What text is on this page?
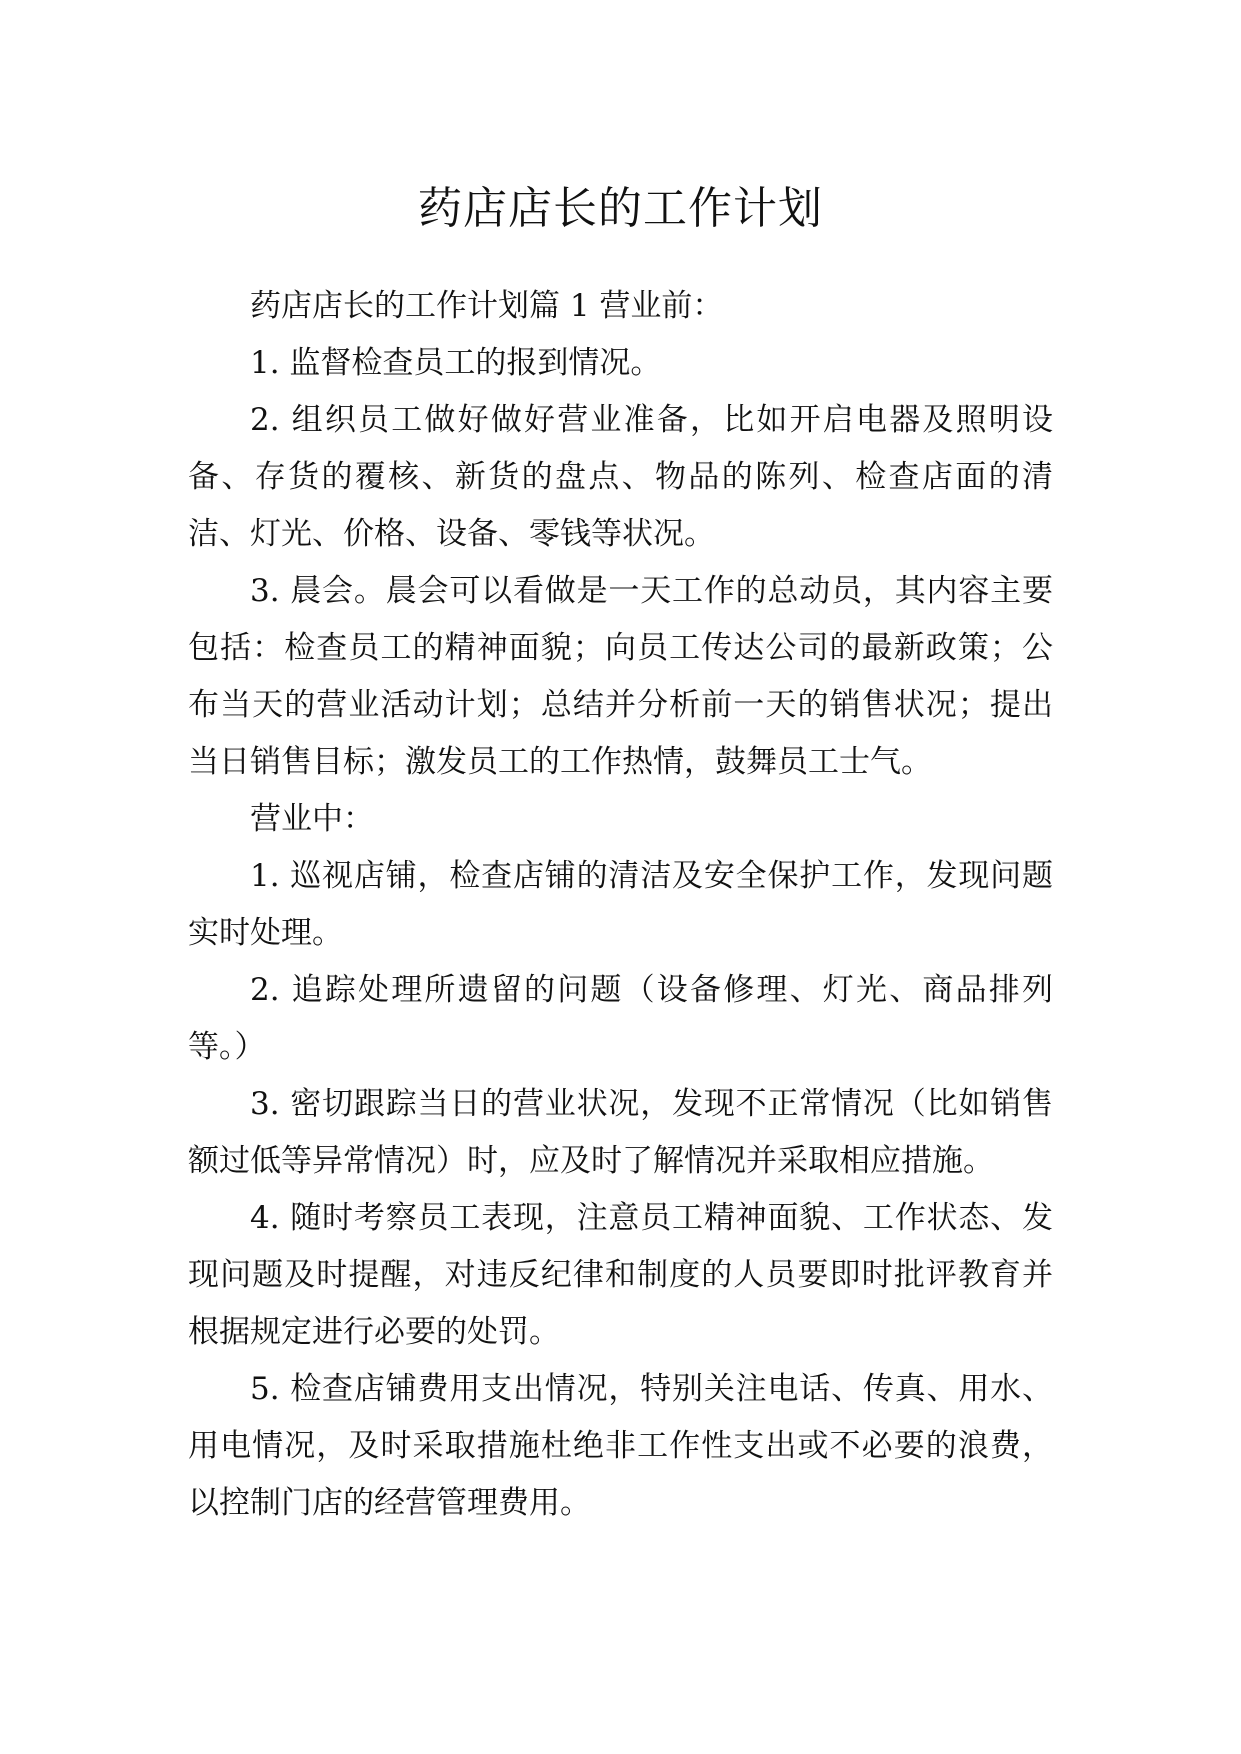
药店店长的工作计划

药店店长的工作计划篇 1 营业前：

1. 监督检查员工的报到情况。

2. 组织员工做好做好营业准备，比如开启电器及照明设备、存货的覆核、新货的盘点、物品的陈列、检查店面的清洁、灯光、价格、设备、零钱等状况。

3. 晨会。晨会可以看做是一天工作的总动员，其内容主要包括：检查员工的精神面貌；向员工传达公司的最新政策；公布当天的营业活动计划；总结并分析前一天的销售状况；提出当日销售目标；激发员工的工作热情，鼓舞员工士气。

营业中：

1. 巡视店铺，检查店铺的清洁及安全保护工作，发现问题实时处理。

2. 追踪处理所遗留的问题（设备修理、灯光、商品排列等。）

3. 密切跟踪当日的营业状况，发现不正常情况（比如销售额过低等异常情况）时，应及时了解情况并采取相应措施。

4. 随时考察员工表现，注意员工精神面貌、工作状态、发现问题及时提醒，对违反纪律和制度的人员要即时批评教育并根据规定进行必要的处罚。

5. 检查店铺费用支出情况，特别关注电话、传真、用水、用电情况，及时采取措施杜绝非工作性支出或不必要的浪费，以控制门店的经营管理费用。
